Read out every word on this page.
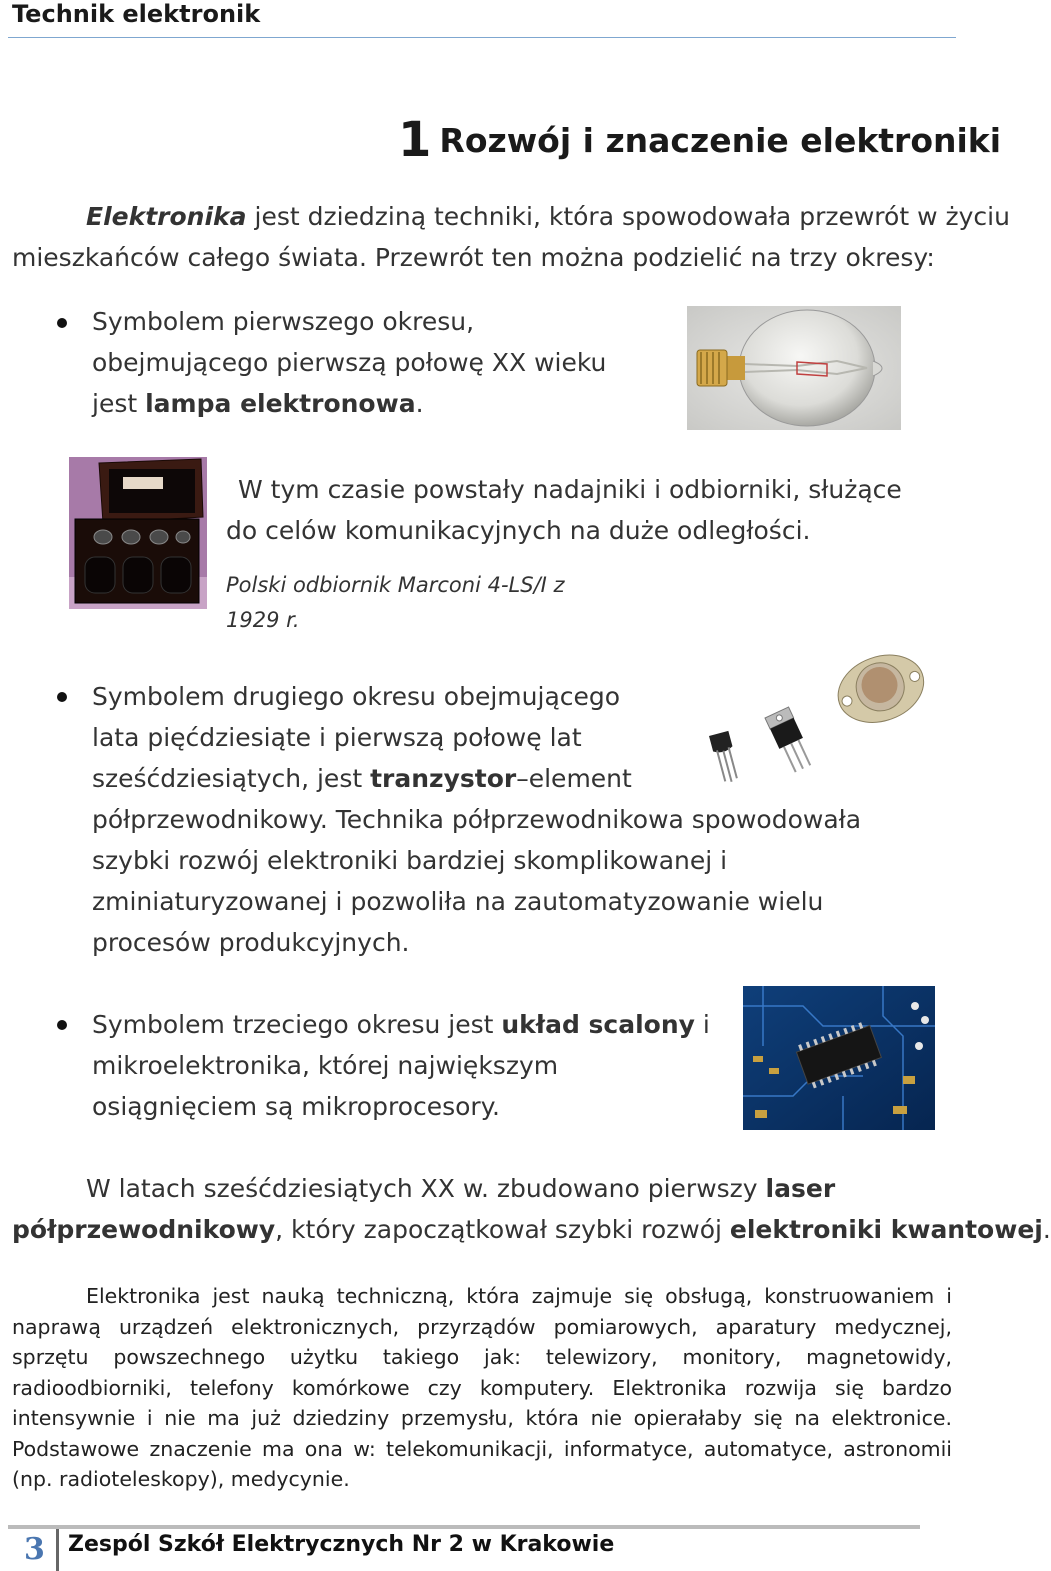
Technik elektronik
1 Rozwój i znaczenie elektroniki
Elektronika jest dziedziną techniki, która spowodowała przewrót w życiu
mieszkańców całego świata. Przewrót ten można podzielić na trzy okresy:
Symbolem pierwszego okresu, obejmującego pierwszą połowę XX wieku jest lampa elektronowa.
W tym czasie powstały nadajniki i odbiorniki, służące do celów komunikacyjnych na duże odległości.
Polski odbiornik Marconi 4-LS/I z 1929 r.
Symbolem drugiego okresu obejmującego lata pięćdziesiąte i pierwszą połowę lat sześćdziesiątych, jest tranzystor–element półprzewodnikowy. Technika półprzewodnikowa spowodowała szybki rozwój elektroniki bardziej skomplikowanej i zminiaturyzowanej i pozwoliła na zautomatyzowanie wielu procesów produkcyjnych.
Symbolem trzeciego okresu jest układ scalony i mikroelektronika, której największym osiągnięciem są mikroprocesory.
W latach sześćdziesiątych XX w. zbudowano pierwszy laser
półprzewodnikowy, który zapoczątkował szybki rozwój elektroniki kwantowej.
Elektronika jest nauką techniczną, która zajmuje się obsługą, konstruowaniem i naprawą urządzeń elektronicznych, przyrządów pomiarowych, aparatury medycznej, sprzętu powszechnego użytku takiego jak: telewizory, monitory, magnetowidy, radioodbiorniki, telefony komórkowe czy komputery. Elektronika rozwija się bardzo intensywnie i nie ma już dziedziny przemysłu, która nie opierałaby się na elektronice. Podstawowe znaczenie ma ona w: telekomunikacji, informatyce, automatyce, astronomii (np. radioteleskopy), medycynie.
3 Zespól Szkół Elektrycznych Nr 2 w Krakowie
